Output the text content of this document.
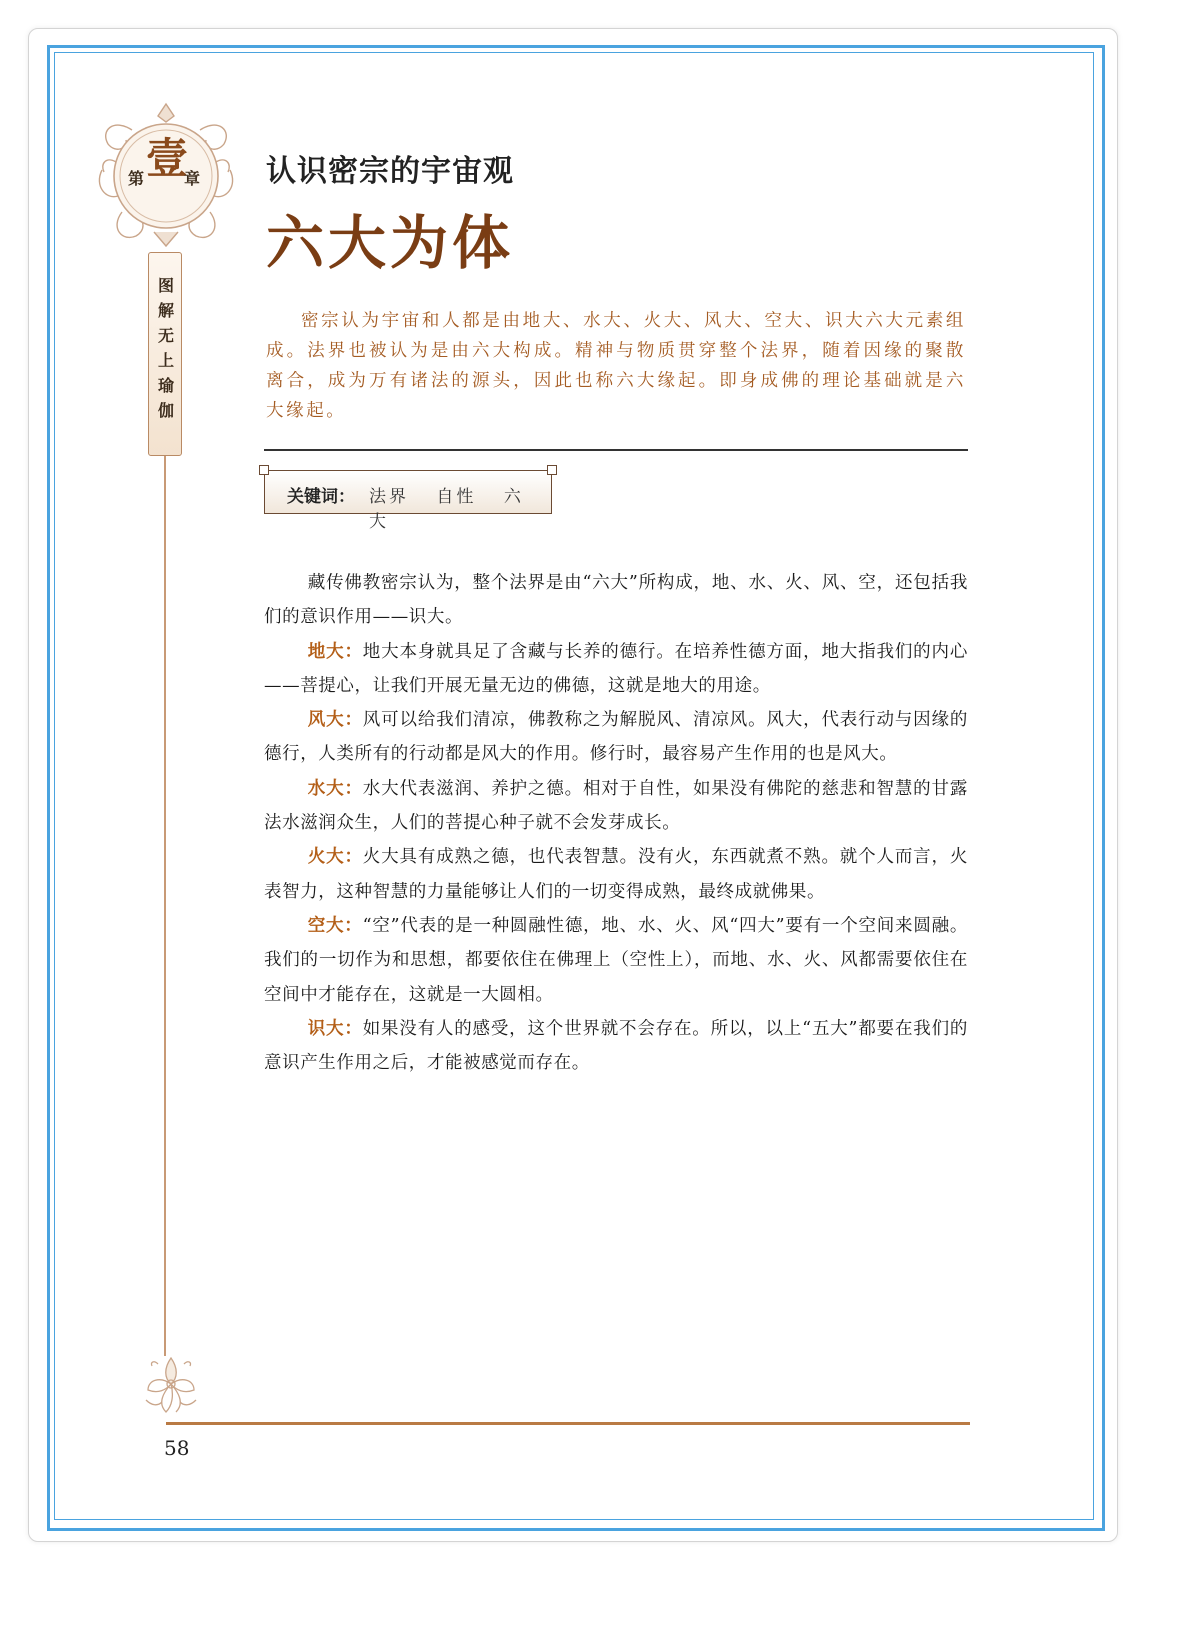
壹
第 章
图解无上瑜伽
认识密宗的宇宙观
六大为体

密宗认为宇宙和人都是由地大、水大、火大、风大、空大、识大六大元素组成。法界也被认为是由六大构成。精神与物质贯穿整个法界，随着因缘的聚散离合，成为万有诸法的源头，因此也称六大缘起。即身成佛的理论基础就是六大缘起。

关键词： 法界 自性 六大

藏传佛教密宗认为，整个法界是由“六大”所构成，地、水、火、风、空，还包括我们的意识作用——识大。

地大：地大本身就具足了含藏与长养的德行。在培养性德方面，地大指我们的内心——菩提心，让我们开展无量无边的佛德，这就是地大的用途。

风大：风可以给我们清凉，佛教称之为解脱风、清凉风。风大，代表行动与因缘的德行，人类所有的行动都是风大的作用。修行时，最容易产生作用的也是风大。

水大：水大代表滋润、养护之德。相对于自性，如果没有佛陀的慈悲和智慧的甘露法水滋润众生，人们的菩提心种子就不会发芽成长。

火大：火大具有成熟之德，也代表智慧。没有火，东西就煮不熟。就个人而言，火表智力，这种智慧的力量能够让人们的一切变得成熟，最终成就佛果。

空大：“空”代表的是一种圆融性德，地、水、火、风“四大”要有一个空间来圆融。我们的一切作为和思想，都要依住在佛理上（空性上），而地、水、火、风都需要依住在空间中才能存在，这就是一大圆相。

识大：如果没有人的感受，这个世界就不会存在。所以，以上“五大”都要在我们的意识产生作用之后，才能被感觉而存在。

58
